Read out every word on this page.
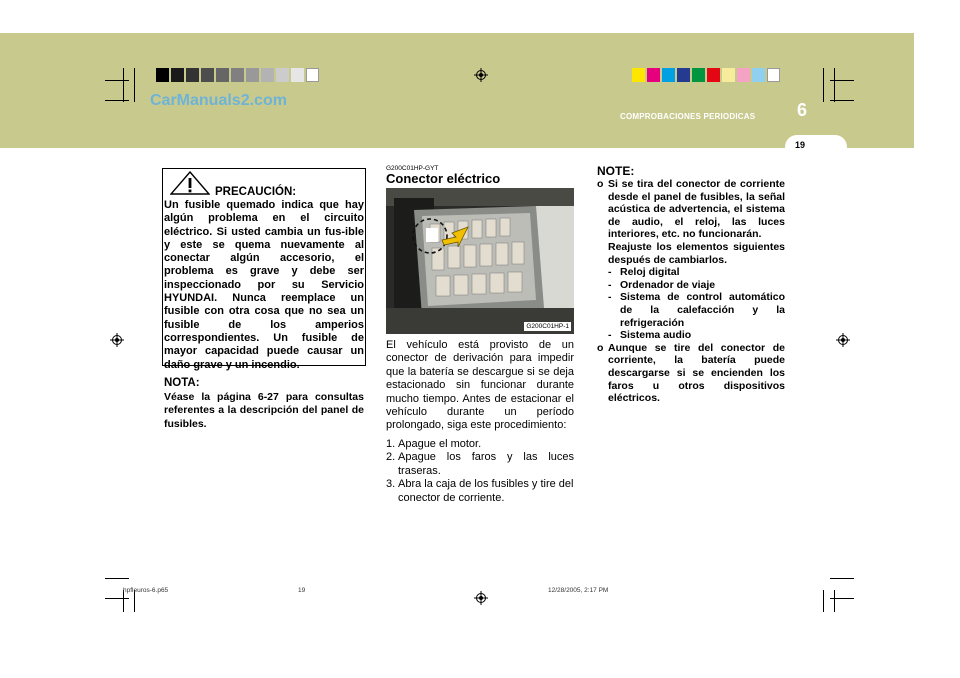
CarManuals2.com
COMPROBACIONES PERIODICAS 6
19
PRECAUCIÓN:
Un fusible quemado indica que hay algún problema en el circuito eléctrico. Si usted cambia un fus-ible y este se quema nuevamente al conectar algún accesorio, el problema es grave y debe ser inspeccionado por su Servicio HYUNDAI. Nunca reemplace un fusible con otra cosa que no sea un fusible de los amperios correspondientes. Un fusible de mayor capacidad puede causar un daño grave y un incendio.
NOTA:
Véase la página 6-27 para consultas referentes a la descripción del panel de fusibles.
G200C01HP-GYT
Conector eléctrico
G200C01HP-1
El vehículo está provisto de un conector de derivación para impedir que la batería se descargue si se deja estacionado sin funcionar durante mucho tiempo. Antes de estacionar el vehículo durante un período prolongado, siga este procedimiento:
1. Apague el motor.
2. Apague los faros y las luces traseras.
3. Abra la caja de los fusibles y tire del conector de corriente.
NOTE:
o Si se tira del conector de corriente desde el panel de fusibles, la señal acústica de advertencia, el sistema de audio, el reloj, las luces interiores, etc. no funcionarán.
Reajuste los elementos siguientes después de cambiarlos.
- Reloj digital
- Ordenador de viaje
- Sistema de control automático de la calefacción y la refrigeración
- Sistema audio
o Aunque se tire del conector de corriente, la batería puede descargarse si se encienden los faros u otros dispositivos eléctricos.
hpfleuros-6.p65	19	12/28/2005, 2:17 PM
